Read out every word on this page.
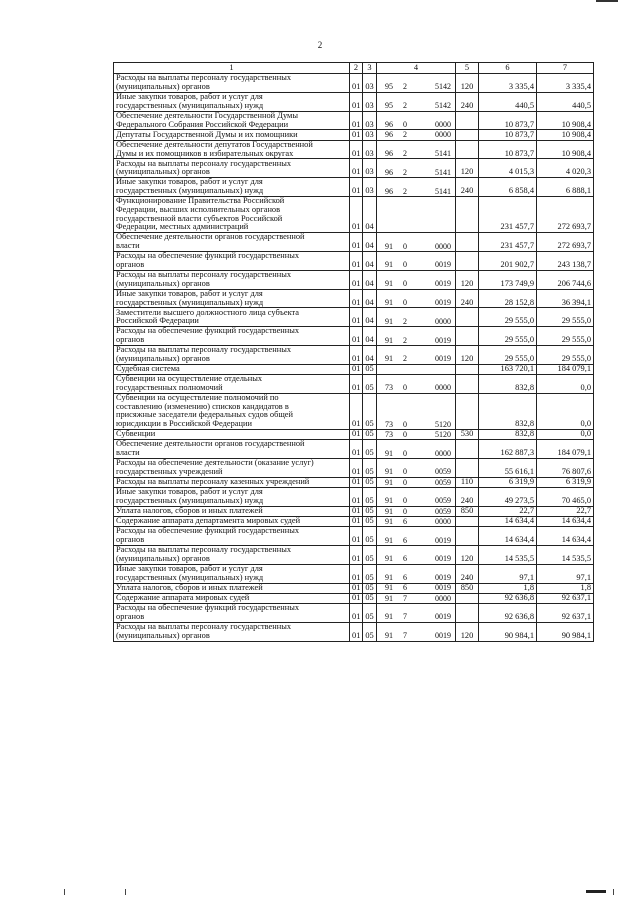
2
1	2	3	4	5	6	7
Расходы на выплаты персоналу государственных
(муниципальных) органов	01	03	95 2 5142	120	3 335,4	3 335,4
Иные закупки товаров, работ и услуг для
государственных (муниципальных) нужд	01	03	95 2 5142	240	440,5	440,5
Обеспечение деятельности Государственной Думы
Федерального Собрания Российской Федерации	01	03	96 0 0000		10 873,7	10 908,4
Депутаты Государственной Думы и их помощники	01	03	96 2 0000		10 873,7	10 908,4
Обеспечение деятельности депутатов Государственной
Думы и их помощников в избирательных округах	01	03	96 2 5141		10 873,7	10 908,4
Расходы на выплаты персоналу государственных
(муниципальных) органов	01	03	96 2 5141	120	4 015,3	4 020,3
Иные закупки товаров, работ и услуг для
государственных (муниципальных) нужд	01	03	96 2 5141	240	6 858,4	6 888,1
Функционирование Правительства Российской
Федерации, высших исполнительных органов
государственной власти субъектов Российской
Федерации, местных администраций	01	04			231 457,7	272 693,7
Обеспечение деятельности органов государственной
власти	01	04	91 0 0000		231 457,7	272 693,7
Расходы на обеспечение функций государственных
органов	01	04	91 0 0019		201 902,7	243 138,7
Расходы на выплаты персоналу государственных
(муниципальных) органов	01	04	91 0 0019	120	173 749,9	206 744,6
Иные закупки товаров, работ и услуг для
государственных (муниципальных) нужд	01	04	91 0 0019	240	28 152,8	36 394,1
Заместители высшего должностного лица субъекта
Российской Федерации	01	04	91 2 0000		29 555,0	29 555,0
Расходы на обеспечение функций государственных
органов	01	04	91 2 0019		29 555,0	29 555,0
Расходы на выплаты персоналу государственных
(муниципальных) органов	01	04	91 2 0019	120	29 555,0	29 555,0
Судебная система	01	05			163 720,1	184 079,1
Субвенции на осуществление отдельных
государственных полномочий	01	05	73 0 0000		832,8	0,0
Субвенции на осуществление полномочий по
составлению (изменению) списков кандидатов в
присяжные заседатели федеральных судов общей
юрисдикции в Российской Федерации	01	05	73 0 5120		832,8	0,0
Субвенции	01	05	73 0 5120	530	832,8	0,0
Обеспечение деятельности органов государственной
власти	01	05	91 0 0000		162 887,3	184 079,1
Расходы на обеспечение деятельности (оказание услуг)
государственных учреждений	01	05	91 0 0059		55 616,1	76 807,6
Расходы на выплаты персоналу казенных учреждений	01	05	91 0 0059	110	6 319,9	6 319,9
Иные закупки товаров, работ и услуг для
государственных (муниципальных) нужд	01	05	91 0 0059	240	49 273,5	70 465,0
Уплата налогов, сборов и иных платежей	01	05	91 0 0059	850	22,7	22,7
Содержание аппарата департамента мировых судей	01	05	91 6 0000		14 634,4	14 634,4
Расходы на обеспечение функций государственных
органов	01	05	91 6 0019		14 634,4	14 634,4
Расходы на выплаты персоналу государственных
(муниципальных) органов	01	05	91 6 0019	120	14 535,5	14 535,5
Иные закупки товаров, работ и услуг для
государственных (муниципальных) нужд	01	05	91 6 0019	240	97,1	97,1
Уплата налогов, сборов и иных платежей	01	05	91 6 0019	850	1,8	1,8
Содержание аппарата мировых судей	01	05	91 7 0000		92 636,8	92 637,1
Расходы на обеспечение функций государственных
органов	01	05	91 7 0019		92 636,8	92 637,1
Расходы на выплаты персоналу государственных
(муниципальных) органов	01	05	91 7 0019	120	90 984,1	90 984,1
